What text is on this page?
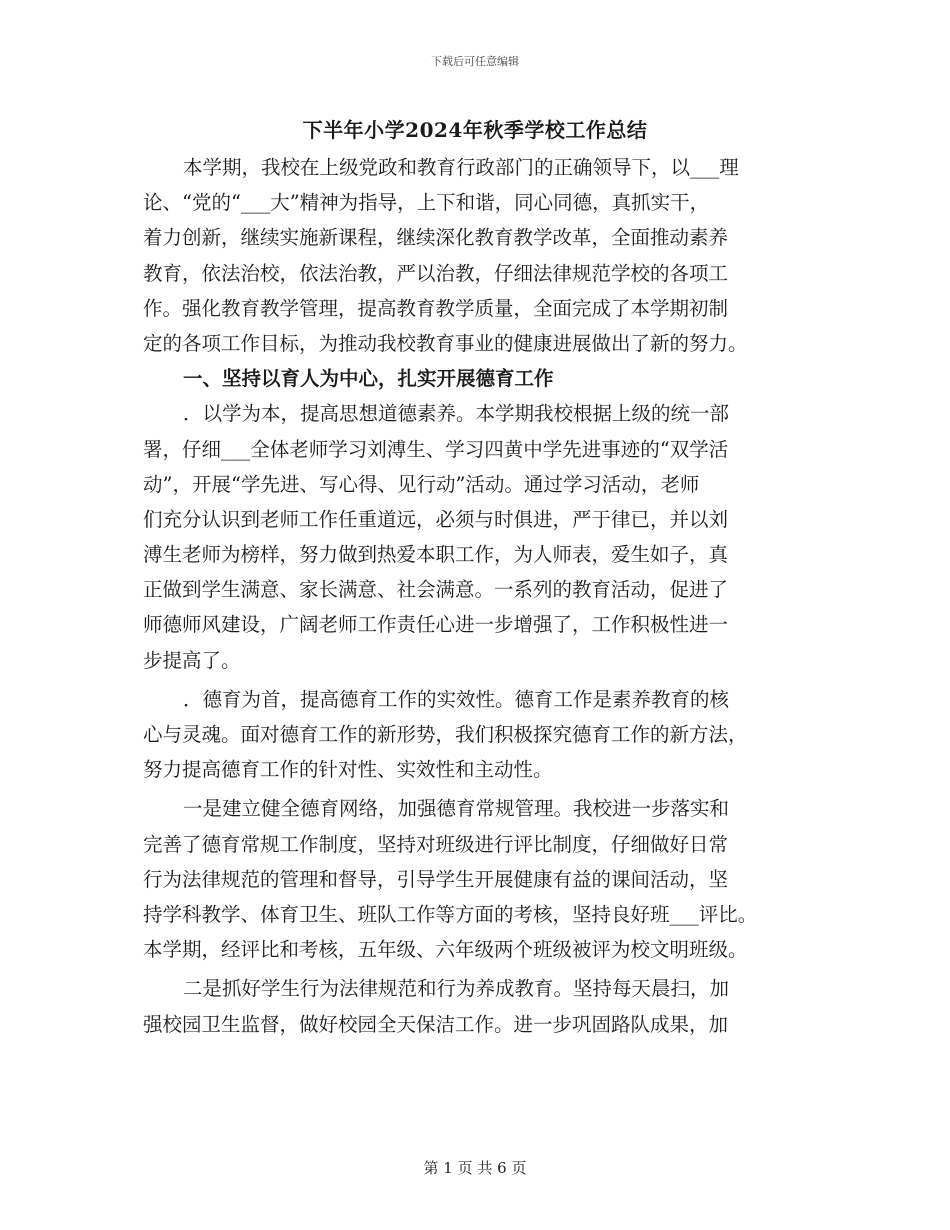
下载后可任意编辑
下半年小学2024年秋季学校工作总结
本学期，我校在上级党政和教育行政部门的正确领导下，以___理
论、“党的“___大”精神为指导，上下和谐，同心同德，真抓实干，
着力创新，继续实施新课程，继续深化教育教学改革，全面推动素养
教育，依法治校，依法治教，严以治教，仔细法律规范学校的各项工
作。强化教育教学管理，提高教育教学质量，全面完成了本学期初制
定的各项工作目标，为推动我校教育事业的健康进展做出了新的努力。
一、坚持以育人为中心，扎实开展德育工作
．以学为本，提高思想道德素养。本学期我校根据上级的统一部
署，仔细___全体老师学习刘溥生、学习四黄中学先进事迹的“双学活
动”，开展“学先进、写心得、见行动”活动。通过学习活动，老师
们充分认识到老师工作任重道远，必须与时俱进，严于律已，并以刘
溥生老师为榜样，努力做到热爱本职工作，为人师表，爱生如子，真
正做到学生满意、家长满意、社会满意。一系列的教育活动，促进了
师德师风建设，广阔老师工作责任心进一步增强了，工作积极性进一
步提高了。
．德育为首，提高德育工作的实效性。德育工作是素养教育的核
心与灵魂。面对德育工作的新形势，我们积极探究德育工作的新方法，
努力提高德育工作的针对性、实效性和主动性。
一是建立健全德育网络，加强德育常规管理。我校进一步落实和
完善了德育常规工作制度，坚持对班级进行评比制度，仔细做好日常
行为法律规范的管理和督导，引导学生开展健康有益的课间活动，坚
持学科教学、体育卫生、班队工作等方面的考核，坚持良好班___评比。
本学期，经评比和考核，五年级、六年级两个班级被评为校文明班级。
二是抓好学生行为法律规范和行为养成教育。坚持每天晨扫，加
强校园卫生监督，做好校园全天保洁工作。进一步巩固路队成果，加
第 1 页 共 6 页
